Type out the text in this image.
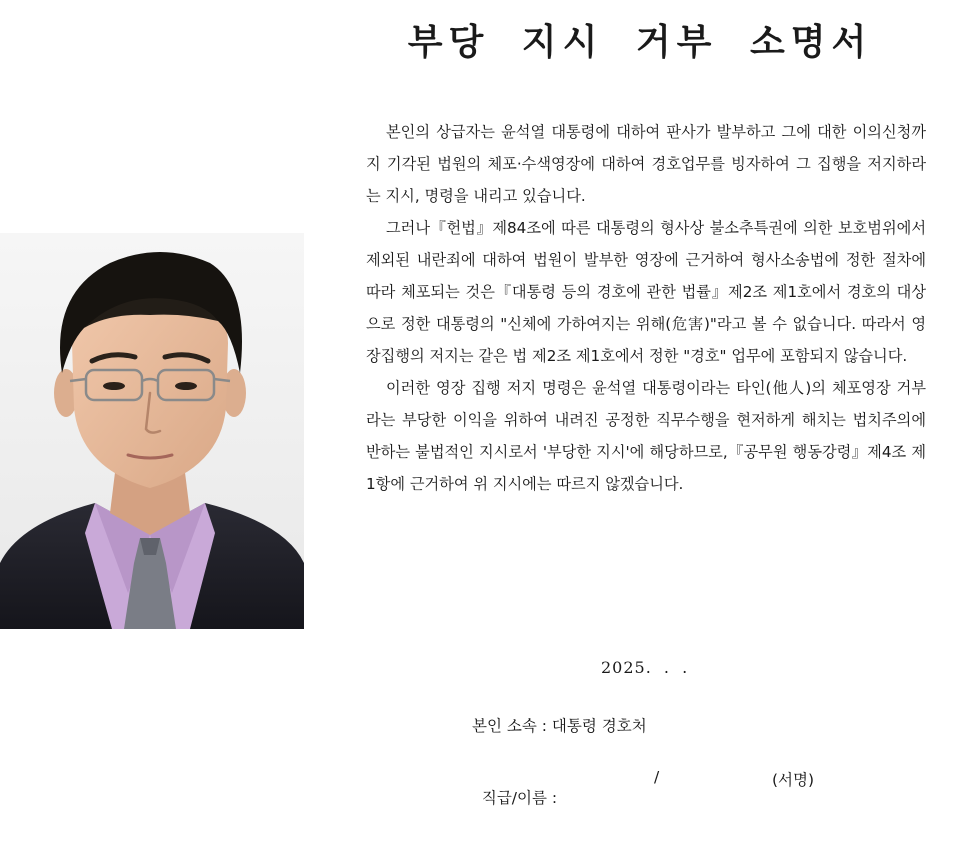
부당 지시 거부 소명서

본인의 상급자는 윤석열 대통령에 대하여 판사가 발부하고 그에 대한 이의신청까지 기각된 법원의 체포·수색영장에 대하여 경호업무를 빙자하여 그 집행을 저지하라는 지시, 명령을 내리고 있습니다.

그러나『헌법』제84조에 따른 대통령의 형사상 불소추특권에 의한 보호범위에서 제외된 내란죄에 대하여 법원이 발부한 영장에 근거하여 형사소송법에 정한 절차에 따라 체포되는 것은『대통령 등의 경호에 관한 법률』제2조 제1호에서 경호의 대상으로 정한 대통령의 "신체에 가하여지는 위해(危害)"라고 볼 수 없습니다. 따라서 영장집행의 저지는 같은 법 제2조 제1호에서 정한 "경호" 업무에 포함되지 않습니다.

이러한 영장 집행 저지 명령은 윤석열 대통령이라는 타인(他人)의 체포영장 거부라는 부당한 이익을 위하여 내려진 공정한 직무수행을 현저하게 해치는 법치주의에 반하는 불법적인 지시로서 '부당한 지시'에 해당하므로,『공무원 행동강령』제4조 제1항에 근거하여 위 지시에는 따르지 않겠습니다.

2025. . .
본인 소속 : 대통령 경호처

직급/이름 :

/

	(서명)
